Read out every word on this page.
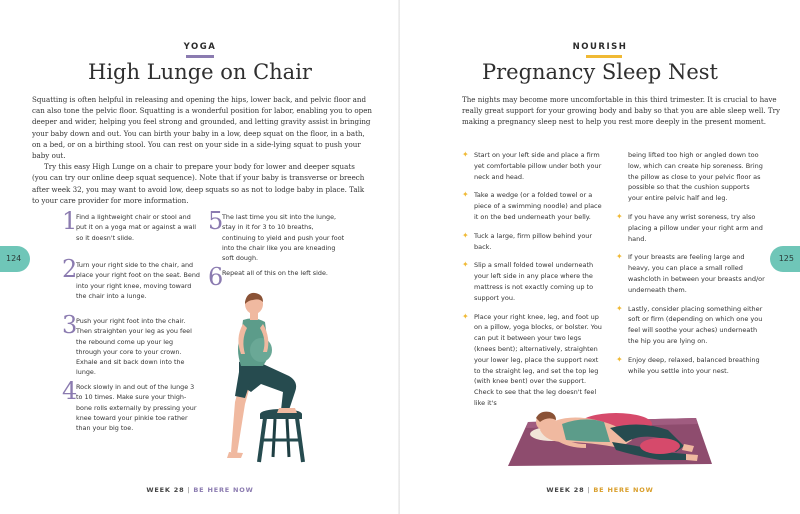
YOGA
High Lunge on Chair

Squatting is often helpful in releasing and opening the hips, lower back, and pelvic floor and can also tone the pelvic floor. Squatting is a wonderful position for labor, enabling you to open deeper and wider, helping you feel strong and grounded, and letting gravity assist in bringing your baby down and out. You can birth your baby in a low, deep squat on the floor, in a bath, on a bed, or on a birthing stool. You can rest on your side in a side-lying squat to push your baby out.

Try this easy High Lunge on a chair to prepare your body for lower and deeper squats (you can try our online deep squat sequence). Note that if your baby is transverse or breech after week 32, you may want to avoid low, deep squats so as not to lodge baby in place. Talk to your care provider for more information.

1
Find a lightweight chair or stool and put it on a yoga mat or against a wall so it doesn't slide.
2
Turn your right side to the chair, and place your right foot on the seat. Bend into your right knee, moving toward the chair into a lunge.
3
Push your right foot into the chair. Then straighten your leg as you feel the rebound come up your leg through your core to your crown. Exhale and sit back down into the lunge.
4
Rock slowly in and out of the lunge 3 to 10 times. Make sure your thigh-bone rolls externally by pressing your knee toward your pinkie toe rather than your big toe.
5
The last time you sit into the lunge, stay in it for 3 to 10 breaths, continuing to yield and push your foot into the chair like you are kneading soft dough.
6
Repeat all of this on the left side.
124
WEEK 28 | BE HERE NOW
NOURISH
Pregnancy Sleep Nest

The nights may become more uncomfortable in this third trimester. It is crucial to have really great support for your growing body and baby so that you are able sleep well. Try making a pregnancy sleep nest to help you rest more deeply in the present moment.

✦ Start on your left side and place a firm yet comfortable pillow under both your neck and head.
✦ Take a wedge (or a folded towel or a piece of a swimming noodle) and place it on the bed underneath your belly.
✦ Tuck a large, firm pillow behind your back.
✦ Slip a small folded towel underneath your left side in any place where the mattress is not exactly coming up to support you.
✦ Place your right knee, leg, and foot up on a pillow, yoga blocks, or bolster. You can put it between your two legs (knees bent); alternatively, straighten your lower leg, place the support next to the straight leg, and set the top leg (with knee bent) over the support. Check to see that the leg doesn't feel like it's
being lifted too high or angled down too low, which can create hip soreness. Bring the pillow as close to your pelvic floor as possible so that the cushion supports your entire pelvic half and leg.
✦ If you have any wrist soreness, try also placing a pillow under your right arm and hand.
✦ If your breasts are feeling large and heavy, you can place a small rolled washcloth in between your breasts and/or underneath them.
✦ Lastly, consider placing something either soft or firm (depending on which one you feel will soothe your aches) underneath the hip you are lying on.
✦ Enjoy deep, relaxed, balanced breathing while you settle into your nest.
125
WEEK 28 | BE HERE NOW
